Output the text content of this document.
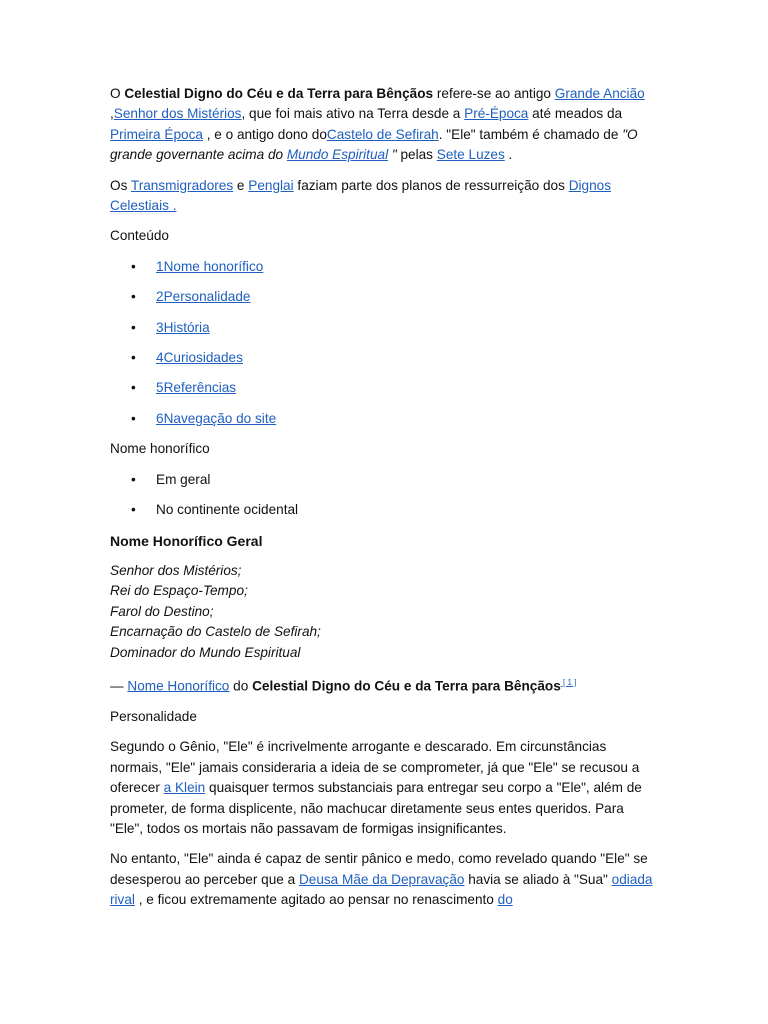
O Celestial Digno do Céu e da Terra para Bênçãos refere-se ao antigo Grande Ancião ,Senhor dos Mistérios, que foi mais ativo na Terra desde a Pré-Época até meados da Primeira Época , e o antigo dono doCastelo de Sefirah. "Ele" também é chamado de "O grande governante acima do Mundo Espiritual " pelas Sete Luzes .

Os Transmigradores e Penglai faziam parte dos planos de ressurreição dos Dignos Celestiais .

Conteúdo

• 1Nome honorífico
• 2Personalidade
• 3História
• 4Curiosidades
• 5Referências
• 6Navegação do site

Nome honorífico

• Em geral
• No continente ocidental

Nome Honorífico Geral

Senhor dos Mistérios;

Rei do Espaço-Tempo;

Farol do Destino;

Encarnação do Castelo de Sefirah;

Dominador do Mundo Espiritual

— Nome Honorífico do Celestial Digno do Céu e da Terra para Bênçãos [ 1 ]

Personalidade

Segundo o Gênio, "Ele" é incrivelmente arrogante e descarado. Em circunstâncias normais, "Ele" jamais consideraria a ideia de se comprometer, já que "Ele" se recusou a oferecer a Klein quaisquer termos substanciais para entregar seu corpo a "Ele", além de prometer, de forma displicente, não machucar diretamente seus entes queridos. Para "Ele", todos os mortais não passavam de formigas insignificantes.

No entanto, "Ele" ainda é capaz de sentir pânico e medo, como revelado quando "Ele" se desesperou ao perceber que a Deusa Mãe da Depravação havia se aliado à "Sua" odiada rival , e ficou extremamente agitado ao pensar no renascimento do
